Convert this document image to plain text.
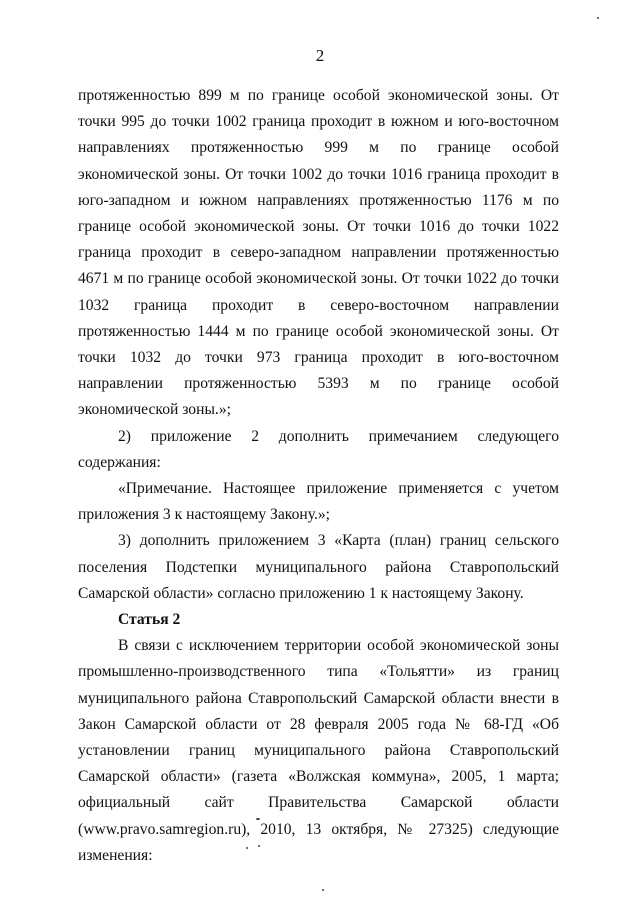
2

протяженностью 899 м по границе особой экономической зоны. От точки 995 до точки 1002 граница проходит в южном и юго-восточном направлениях протяженностью 999 м по границе особой экономической зоны. От точки 1002 до точки 1016 граница проходит в юго-западном и южном направлениях протяженностью 1176 м по границе особой экономической зоны. От точки 1016 до точки 1022 граница проходит в северо-западном направлении протяженностью 4671 м по границе особой экономической зоны. От точки 1022 до точки 1032 граница проходит в северо-восточном направлении протяженностью 1444 м по границе особой экономической зоны. От точки 1032 до точки 973 граница проходит в юго-восточном направлении протяженностью 5393 м по границе особой экономической зоны.»;

2) приложение 2 дополнить примечанием следующего содержания:

«Примечание. Настоящее приложение применяется с учетом приложения 3 к настоящему Закону.»;

3) дополнить приложением 3 «Карта (план) границ сельского поселения Подстепки муниципального района Ставропольский Самарской области» согласно приложению 1 к настоящему Закону.

Статья 2

В связи с исключением территории особой экономической зоны промышленно-производственного типа «Тольятти» из границ муниципального района Ставропольский Самарской области внести в Закон Самарской области от 28 февраля 2005 года № 68-ГД «Об установлении границ муниципального района Ставропольский Самарской области» (газета «Волжская коммуна», 2005, 1 марта; официальный сайт Правительства Самарской области (www.pravo.samregion.ru), 2010, 13 октября, № 27325) следующие изменения:
